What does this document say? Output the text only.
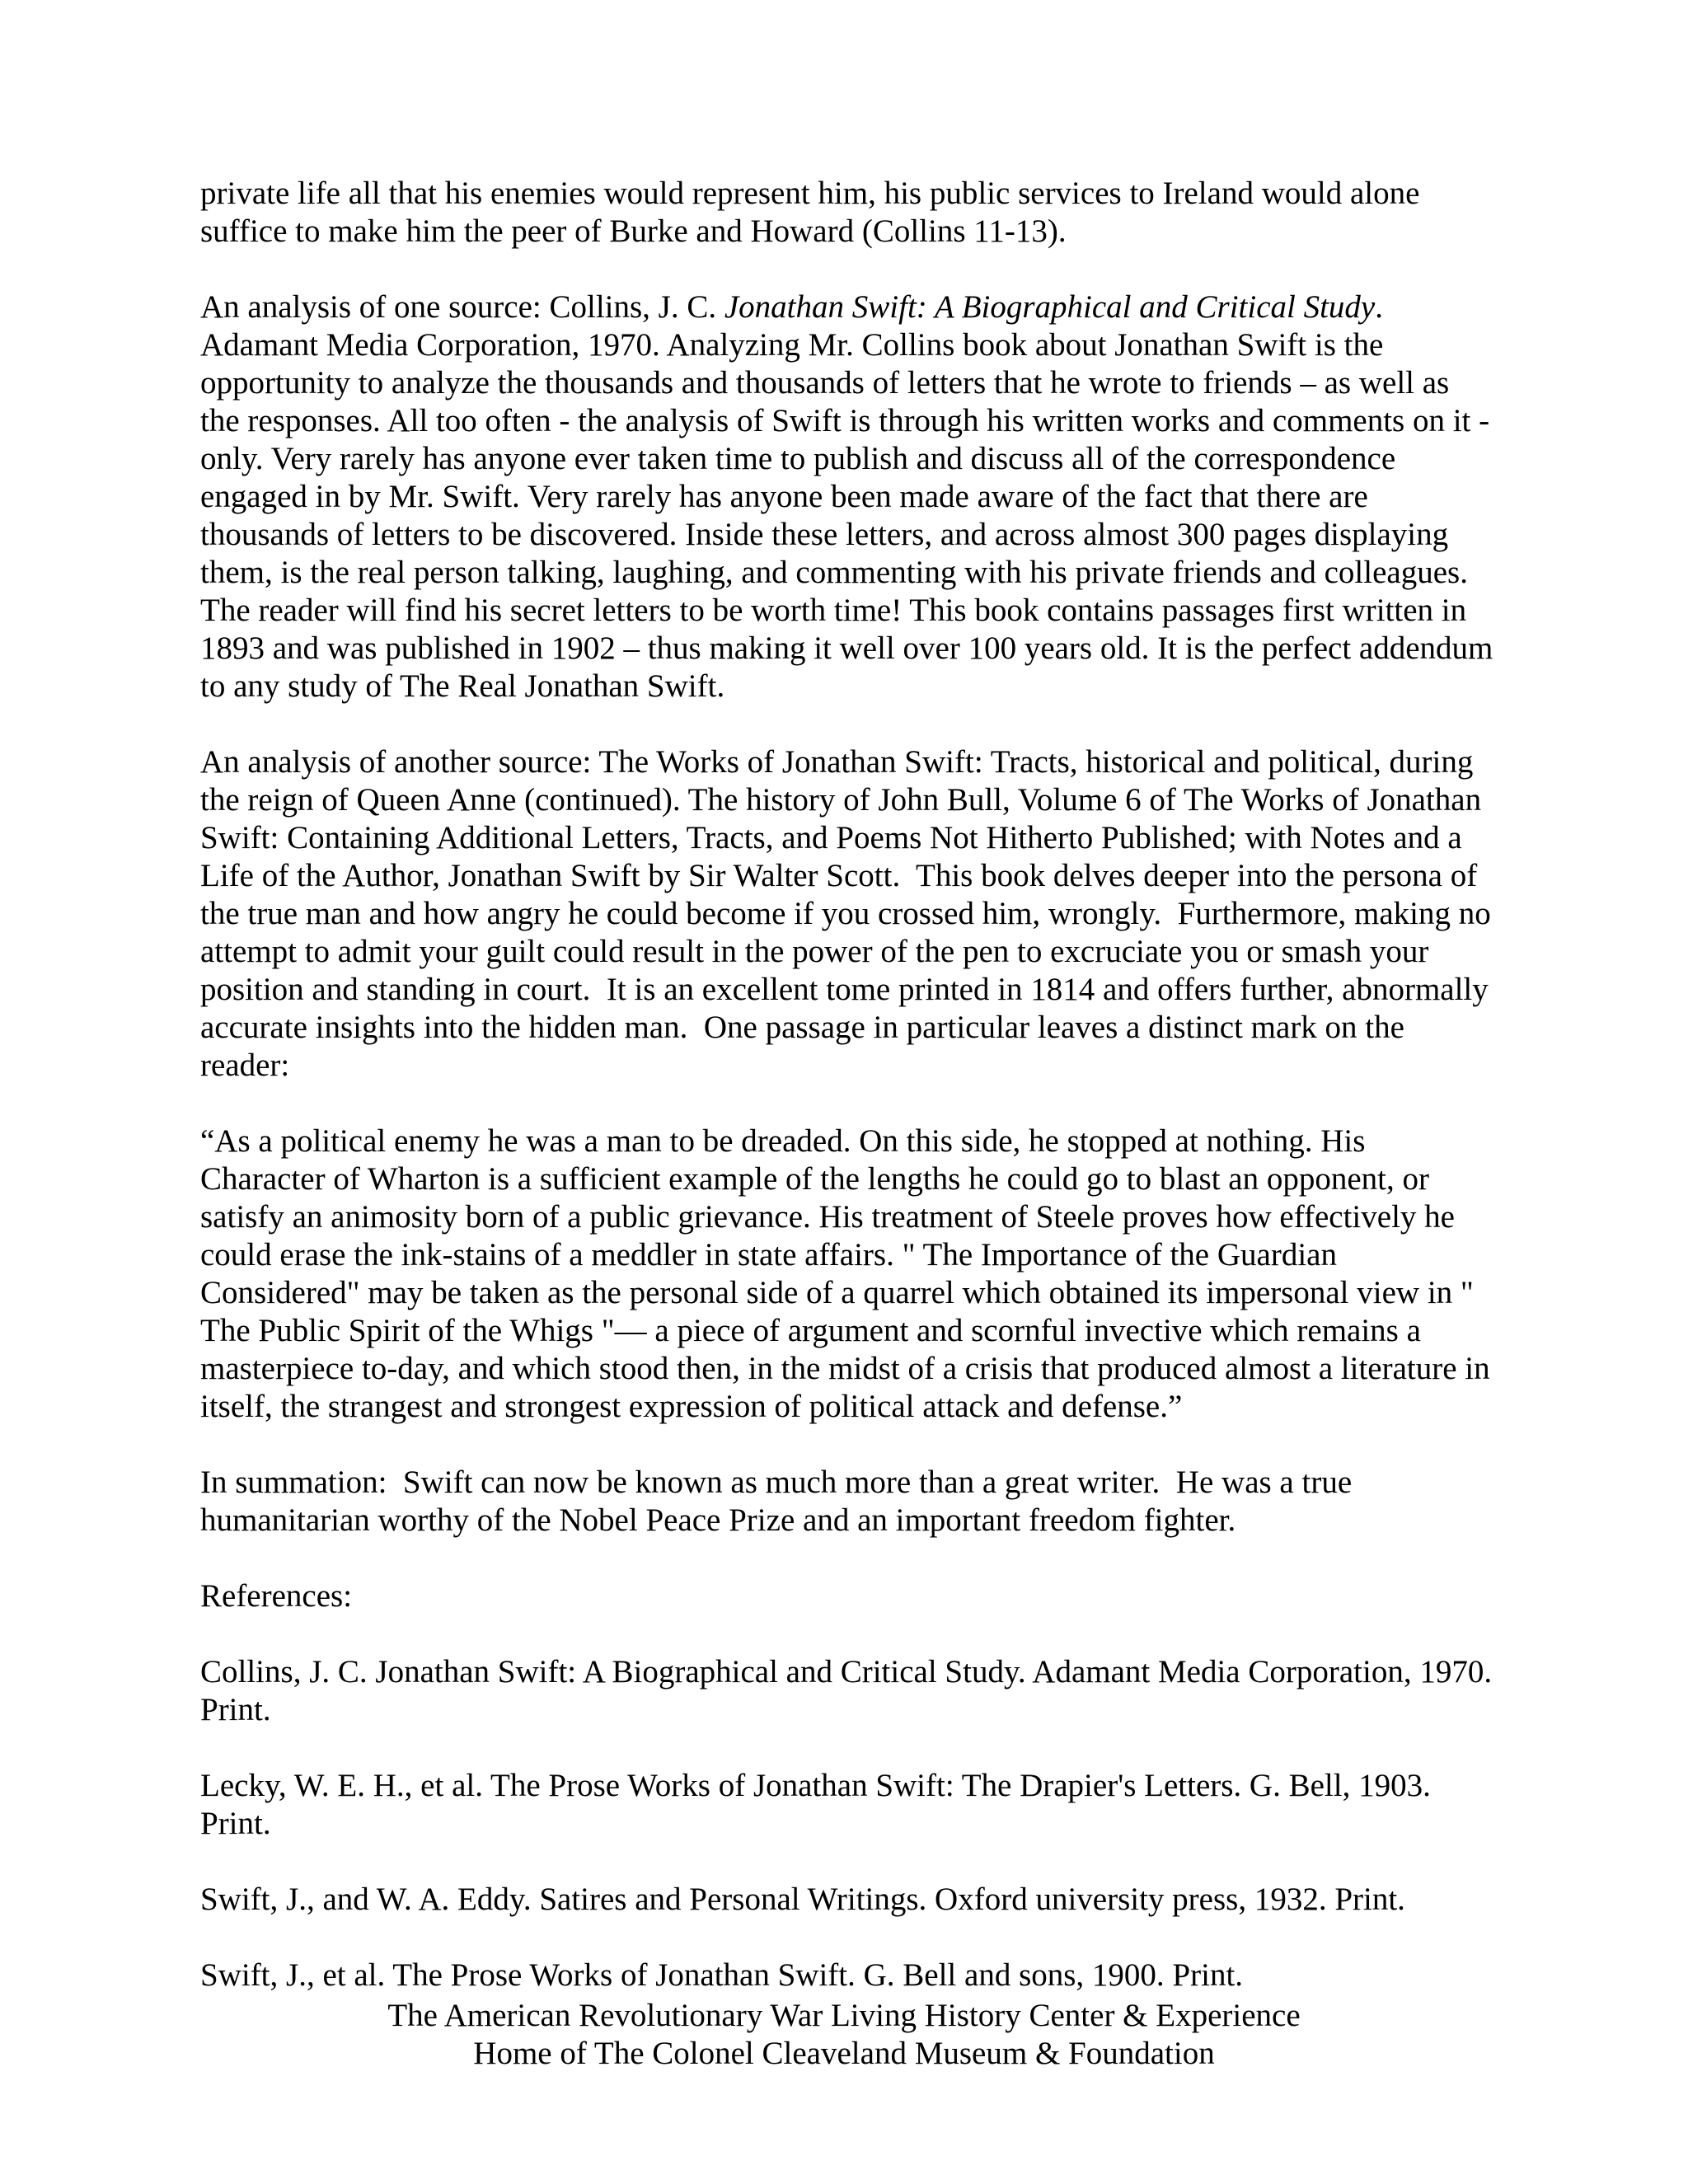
private life all that his enemies would represent him, his public services to Ireland would alone suffice to make him the peer of Burke and Howard (Collins 11-13).

An analysis of one source: Collins, J. C. Jonathan Swift: A Biographical and Critical Study. Adamant Media Corporation, 1970. Analyzing Mr. Collins book about Jonathan Swift is the opportunity to analyze the thousands and thousands of letters that he wrote to friends – as well as the responses. All too often - the analysis of Swift is through his written works and comments on it - only. Very rarely has anyone ever taken time to publish and discuss all of the correspondence engaged in by Mr. Swift. Very rarely has anyone been made aware of the fact that there are thousands of letters to be discovered. Inside these letters, and across almost 300 pages displaying them, is the real person talking, laughing, and commenting with his private friends and colleagues. The reader will find his secret letters to be worth time! This book contains passages first written in 1893 and was published in 1902 – thus making it well over 100 years old. It is the perfect addendum to any study of The Real Jonathan Swift.

An analysis of another source: The Works of Jonathan Swift: Tracts, historical and political, during the reign of Queen Anne (continued). The history of John Bull, Volume 6 of The Works of Jonathan Swift: Containing Additional Letters, Tracts, and Poems Not Hitherto Published; with Notes and a Life of the Author, Jonathan Swift by Sir Walter Scott.  This book delves deeper into the persona of the true man and how angry he could become if you crossed him, wrongly.  Furthermore, making no attempt to admit your guilt could result in the power of the pen to excruciate you or smash your position and standing in court.  It is an excellent tome printed in 1814 and offers further, abnormally accurate insights into the hidden man.  One passage in particular leaves a distinct mark on the reader:

“As a political enemy he was a man to be dreaded. On this side, he stopped at nothing. His Character of Wharton is a sufficient example of the lengths he could go to blast an opponent, or satisfy an animosity born of a public grievance. His treatment of Steele proves how effectively he could erase the ink-stains of a meddler in state affairs. " The Importance of the Guardian Considered" may be taken as the personal side of a quarrel which obtained its impersonal view in " The Public Spirit of the Whigs "— a piece of argument and scornful invective which remains a masterpiece to-day, and which stood then, in the midst of a crisis that produced almost a literature in itself, the strangest and strongest expression of political attack and defense.”

In summation:  Swift can now be known as much more than a great writer.  He was a true humanitarian worthy of the Nobel Peace Prize and an important freedom fighter.

References:

Collins, J. C. Jonathan Swift: A Biographical and Critical Study. Adamant Media Corporation, 1970. Print.

Lecky, W. E. H., et al. The Prose Works of Jonathan Swift: The Drapier's Letters. G. Bell, 1903. Print.

Swift, J., and W. A. Eddy. Satires and Personal Writings. Oxford university press, 1932. Print.

Swift, J., et al. The Prose Works of Jonathan Swift. G. Bell and sons, 1900. Print.

The American Revolutionary War Living History Center & Experience
Home of The Colonel Cleaveland Museum & Foundation
